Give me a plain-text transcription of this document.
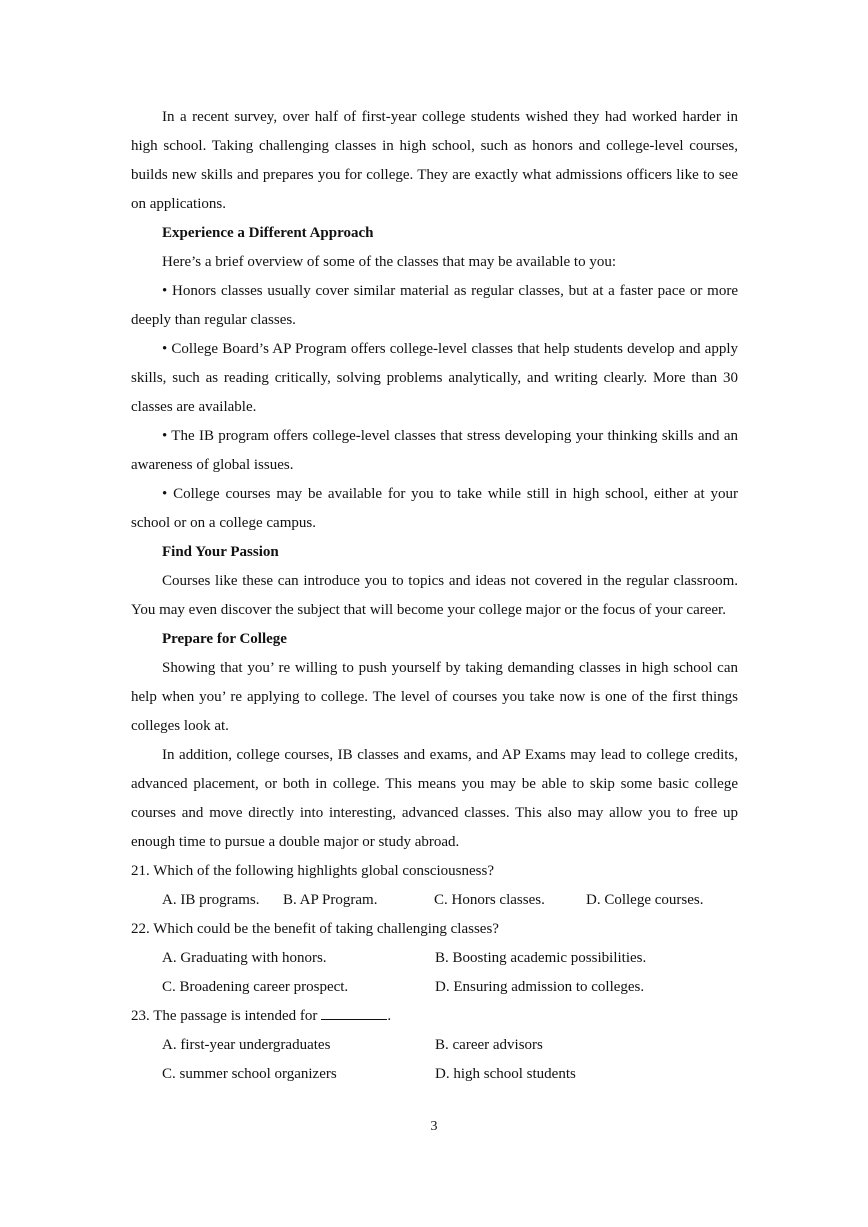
In a recent survey, over half of first-year college students wished they had worked harder in high school. Taking challenging classes in high school, such as honors and college-level courses, builds new skills and prepares you for college. They are exactly what admissions officers like to see on applications.

Experience a Different Approach

Here’s a brief overview of some of the classes that may be available to you:

• Honors classes usually cover similar material as regular classes, but at a faster pace or more deeply than regular classes.

• College Board’s AP Program offers college-level classes that help students develop and apply skills, such as reading critically, solving problems analytically, and writing clearly. More than 30 classes are available.

• The IB program offers college-level classes that stress developing your thinking skills and an awareness of global issues.

• College courses may be available for you to take while still in high school, either at your school or on a college campus.

Find Your Passion

Courses like these can introduce you to topics and ideas not covered in the regular classroom. You may even discover the subject that will become your college major or the focus of your career.

Prepare for College

Showing that you’ re willing to push yourself by taking demanding classes in high school can help when you’ re applying to college. The level of courses you take now is one of the first things colleges look at.

In addition, college courses, IB classes and exams, and AP Exams may lead to college credits, advanced placement, or both in college. This means you may be able to skip some basic college courses and move directly into interesting, advanced classes. This also may allow you to free up enough time to pursue a double major or study abroad.

21. Which of the following highlights global consciousness?

A. IB programs.	B. AP Program.	C. Honors classes.	D. College courses.

22. Which could be the benefit of taking challenging classes?

A. Graduating with honors.	B. Boosting academic possibilities.
C. Broadening career prospect.	D. Ensuring admission to colleges.

23. The passage is intended for	.

A. first-year undergraduates	B. career advisors
C. summer school organizers	D. high school students
3
